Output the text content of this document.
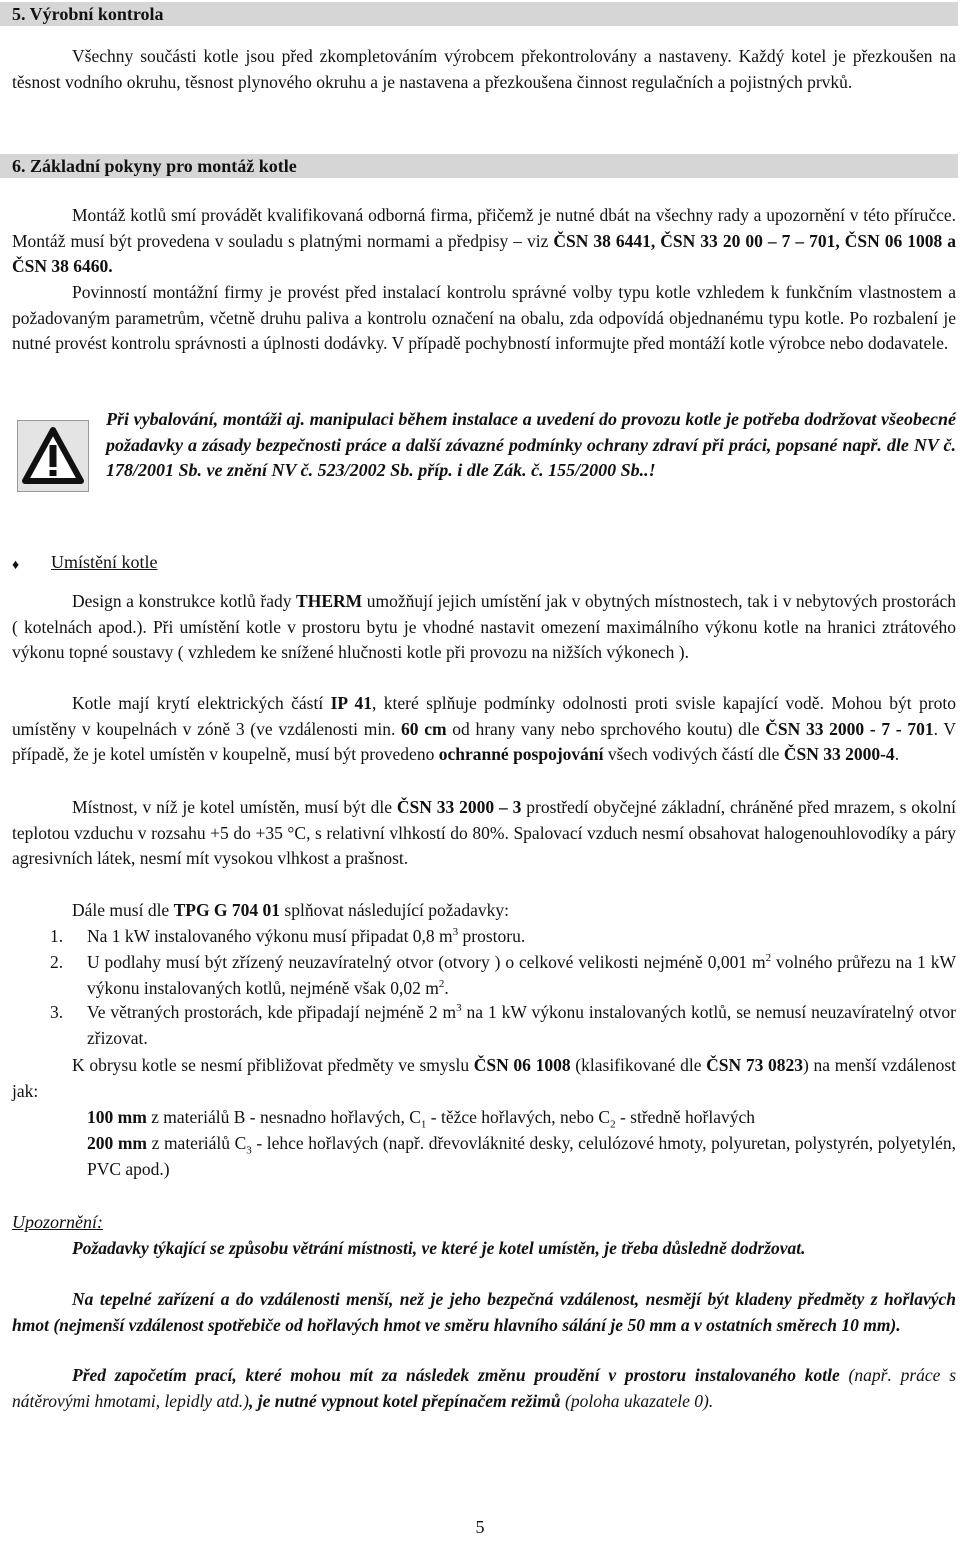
5. Výrobní kontrola

Všechny součásti kotle jsou před zkompletováním výrobcem překontrolovány a nastaveny. Každý kotel je přezkoušen na těsnost vodního okruhu, těsnost plynového okruhu a je nastavena a přezkoušena činnost regulačních a pojistných prvků.

6. Základní pokyny pro montáž kotle

Montáž kotlů smí provádět kvalifikovaná odborná firma, přičemž je nutné dbát na všechny rady a upozornění v této příručce. Montáž musí být provedena v souladu s platnými normami a předpisy – viz ČSN 38 6441, ČSN 33 20 00 – 7 – 701, ČSN 06 1008 a ČSN 38 6460.

Povinností montážní firmy je provést před instalací kontrolu správné volby typu kotle vzhledem k funkčním vlastnostem a požadovaným parametrům, včetně druhu paliva a kontrolu označení na obalu, zda odpovídá objednanému typu kotle. Po rozbalení je nutné provést kontrolu správnosti a úplnosti dodávky. V případě pochybností informujte před montáží kotle výrobce nebo dodavatele.

Při vybalování, montáži aj. manipulaci během instalace a uvedení do provozu kotle je potřeba dodržovat všeobecné požadavky a zásady bezpečnosti práce a další závazné podmínky ochrany zdraví při práci, popsané např. dle NV č. 178/2001 Sb. ve znění NV č. 523/2002 Sb. příp. i dle Zák. č. 155/2000 Sb..!

♦ Umístění kotle

Design a konstrukce kotlů řady THERM umožňují jejich umístění jak v obytných místnostech, tak i v nebytových prostorách ( kotelnách apod.). Při umístění kotle v prostoru bytu je vhodné nastavit omezení maximálního výkonu kotle na hranici ztrátového výkonu topné soustavy ( vzhledem ke snížené hlučnosti kotle při provozu na nižších výkonech ).

Kotle mají krytí elektrických částí IP 41, které splňuje podmínky odolnosti proti svisle kapající vodě. Mohou být proto umístěny v koupelnách v zóně 3 (ve vzdálenosti min. 60 cm od hrany vany nebo sprchového koutu) dle ČSN 33 2000 - 7 - 701. V případě, že je kotel umístěn v koupelně, musí být provedeno ochranné pospojování všech vodivých částí dle ČSN 33 2000-4.

Místnost, v níž je kotel umístěn, musí být dle ČSN 33 2000 – 3 prostředí obyčejné základní, chráněné před mrazem, s okolní teplotou vzduchu v rozsahu +5 do +35 °C, s relativní vlhkostí do 80%. Spalovací vzduch nesmí obsahovat halogenouhlovodíky a páry agresivních látek, nesmí mít vysokou vlhkost a prašnost.

Dále musí dle TPG G 704 01 splňovat následující požadavky:

1.	Na 1 kW instalovaného výkonu musí připadat 0,8 $m^3$ prostoru.

2.	U podlahy musí být zřízený neuzavíratelný otvor (otvory ) o celkové velikosti nejméně 0,001 $m^2$ volného průřezu na 1 kW výkonu instalovaných kotlů, nejméně však 0,02 $m^2$.

3.	Ve větraných prostorách, kde připadají nejméně 2 $m^3$ na 1 kW výkonu instalovaných kotlů, se nemusí neuzavíratelný otvor zřizovat.

K obrysu kotle se nesmí přibližovat předměty ve smyslu ČSN 06 1008 (klasifikované dle ČSN 73 0823) na menší vzdálenost jak:

100 mm z materiálů B - nesnadno hořlavých, $C_1$ - těžce hořlavých, nebo $C_2$ - středně hořlavých

200 mm z materiálů $C_3$ - lehce hořlavých (např. dřevovláknité desky, celulózové hmoty, polyuretan, polystyrén, polyetylén, PVC apod.)

Upozornění:

Požadavky týkající se způsobu větrání místnosti, ve které je kotel umístěn, je třeba důsledně dodržovat.

Na tepelné zařízení a do vzdálenosti menší, než je jeho bezpečná vzdálenost, nesmějí být kladeny předměty z hořlavých hmot (nejmenší vzdálenost spotřebiče od hořlavých hmot ve směru hlavního sálání je 50 mm a v ostatních směrech 10 mm).

Před započetím prací, které mohou mít za následek změnu proudění v prostoru instalovaného kotle (např. práce s nátěrovými hmotami, lepidly atd.), je nutné vypnout kotel přepínačem režimů (poloha ukazatele 0).

5
